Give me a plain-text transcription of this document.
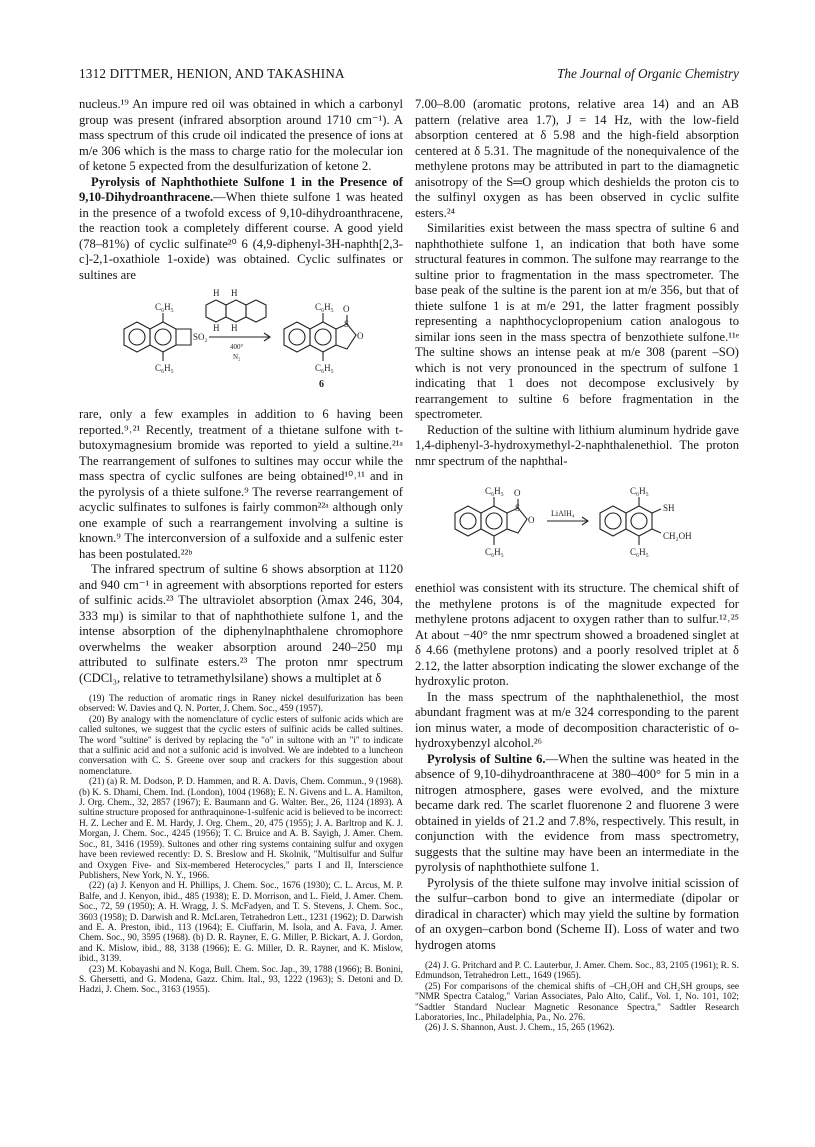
1312 DITTMER, HENION, AND TAKASHINA	The Journal of Organic Chemistry

nucleus.¹⁹ An impure red oil was obtained in which a carbonyl group was present (infrared absorption around 1710 cm⁻¹). A mass spectrum of this crude oil indicated the presence of ions at m/e 306 which is the mass to charge ratio for the molecular ion of ketone 5 expected from the desulfurization of ketone 2.

Pyrolysis of Naphthothiete Sulfone 1 in the Presence of 9,10-Dihydroanthracene.—When thiete sulfone 1 was heated in the presence of a twofold excess of 9,10-dihydroanthracene, the reaction took a completely different course. A good yield (78–81%) of cyclic sulfinate²⁰ 6 (4,9-diphenyl-3H-naphth[2,3-c]-2,1-oxathiole 1-oxide) was obtained. Cyclic sulfinates or sultines are

C₆H₅
C₆H₅
SO₂
H H
H H
400°
N₂
C₆H₅ O
S
O
C₆H₅
6

rare, only a few examples in addition to 6 having been reported.⁹˒²¹ Recently, treatment of a thietane sulfone with t-butoxymagnesium bromide was reported to yield a sultine.²¹ᵃ The rearrangement of sulfones to sultines may occur while the mass spectra of cyclic sulfones are being obtained¹⁰˒¹¹ and in the pyrolysis of a thiete sulfone.⁹ The reverse rearrangement of acyclic sulfinates to sulfones is fairly common²²ᵃ although only one example of such a rearrangement involving a sultine is known.⁹ The interconversion of a sulfoxide and a sulfenic ester has been postulated.²²ᵇ

The infrared spectrum of sultine 6 shows absorption at 1120 and 940 cm⁻¹ in agreement with absorptions reported for esters of sulfinic acids.²³ The ultraviolet absorption (λmax 246, 304, 333 mμ) is similar to that of naphthothiete sulfone 1, and the intense absorption of the diphenylnaphthalene chromophore overwhelms the weaker absorption around 240–250 mμ attributed to sulfinate esters.²³ The proton nmr spectrum (CDCl₃, relative to tetramethylsilane) shows a multiplet at δ

(19) The reduction of aromatic rings in Raney nickel desulfurization has been observed: W. Davies and Q. N. Porter, J. Chem. Soc., 459 (1957).

(20) By analogy with the nomenclature of cyclic esters of sulfonic acids which are called sultones, we suggest that the cyclic esters of sulfinic acids be called sultines. The word "sultine" is derived by replacing the "o" in sultone with an "i" to indicate that a sulfinic acid and not a sulfonic acid is involved. We are indebted to a luncheon conversation with C. S. Greene over soup and crackers for this suggestion about nomenclature.

(21) (a) R. M. Dodson, P. D. Hammen, and R. A. Davis, Chem. Commun., 9 (1968). (b) K. S. Dhami, Chem. Ind. (London), 1004 (1968); E. N. Givens and L. A. Hamilton, J. Org. Chem., 32, 2857 (1967); E. Baumann and G. Walter. Ber., 26, 1124 (1893). A sultine structure proposed for anthraquinone-1-sulfenic acid is believed to be incorrect: H. Z. Lecher and E. M. Hardy, J. Org. Chem., 20, 475 (1955); J. A. Barltrop and K. J. Morgan, J. Chem. Soc., 4245 (1956); T. C. Bruice and A. B. Sayigh, J. Amer. Chem. Soc., 81, 3416 (1959). Sultones and other ring systems containing sulfur and oxygen have been reviewed recently: D. S. Breslow and H. Skolnik, "Multisulfur and Sulfur and Oxygen Five- and Six-membered Heterocycles," parts I and II, Interscience Publishers, New York, N. Y., 1966.

(22) (a) J. Kenyon and H. Phillips, J. Chem. Soc., 1676 (1930); C. L. Arcus, M. P. Balfe, and J. Kenyon, ibid., 485 (1938); E. D. Morrison, and L. Field, J. Amer. Chem. Soc., 72, 59 (1950); A. H. Wragg, J. S. McFadyen, and T. S. Stevens, J. Chem. Soc., 3603 (1958); D. Darwish and R. McLaren, Tetrahedron Lett., 1231 (1962); D. Darwish and E. A. Preston, ibid., 113 (1964); E. Ciuffarin, M. Isola, and A. Fava, J. Amer. Chem. Soc., 90, 3595 (1968). (b) D. R. Rayner, E. G. Miller, P. Bickart, A. J. Gordon, and K. Mislow, ibid., 88, 3138 (1966); E. G. Miller, D. R. Rayner, and K. Mislow, ibid., 3139.

(23) M. Kobayashi and N. Koga, Bull. Chem. Soc. Jap., 39, 1788 (1966); B. Bonini, S. Ghersetti, and G. Modena, Gazz. Chim. Ital., 93, 1222 (1963); S. Detoni and D. Hadzi, J. Chem. Soc., 3163 (1955).

7.00–8.00 (aromatic protons, relative area 14) and an AB pattern (relative area 1.7), J = 14 Hz, with the low-field absorption centered at δ 5.98 and the high-field absorption centered at δ 5.31. The magnitude of the nonequivalence of the methylene protons may be attributed in part to the diamagnetic anisotropy of the S═O group which deshields the proton cis to the sulfinyl oxygen as has been observed in cyclic sulfite esters.²⁴

Similarities exist between the mass spectra of sultine 6 and naphthothiete sulfone 1, an indication that both have some structural features in common. The sulfone may rearrange to the sultine prior to fragmentation in the mass spectrometer. The base peak of the sultine is the parent ion at m/e 356, but that of thiete sulfone 1 is at m/e 291, the latter fragment possibly representing a naphthocyclopropenium cation analogous to similar ions seen in the mass spectra of benzothiete sulfone.¹¹ᵉ The sultine shows an intense peak at m/e 308 (parent –SO) which is not very pronounced in the spectrum of sulfone 1 indicating that 1 does not decompose exclusively by rearrangement to sultine 6 before fragmentation in the spectrometer.

Reduction of the sultine with lithium aluminum hydride gave 1,4-diphenyl-3-hydroxymethyl-2-naphthalenethiol. The proton nmr spectrum of the naphthal-

C₆H₅ O
S
O
C₆H₅
LiAlH₄
C₆H₅
SH
CH₂OH
C₆H₅

enethiol was consistent with its structure. The chemical shift of the methylene protons is of the magnitude expected for methylene protons adjacent to oxygen rather than to sulfur.¹²˒²⁵ At about −40° the nmr spectrum showed a broadened singlet at δ 4.66 (methylene protons) and a poorly resolved triplet at δ 2.12, the latter absorption indicating the slower exchange of the hydroxylic proton.

In the mass spectrum of the naphthalenethiol, the most abundant fragment was at m/e 324 corresponding to the parent ion minus water, a mode of decomposition characteristic of o-hydroxybenzyl alcohol.²⁶

Pyrolysis of Sultine 6.—When the sultine was heated in the absence of 9,10-dihydroanthracene at 380–400° for 5 min in a nitrogen atmosphere, gases were evolved, and the mixture became dark red. The scarlet fluorenone 2 and fluorene 3 were obtained in yields of 21.2 and 7.8%, respectively. This result, in conjunction with the evidence from mass spectrometry, suggests that the sultine may have been an intermediate in the pyrolysis of naphthothiete sulfone 1.

Pyrolysis of the thiete sulfone may involve initial scission of the sulfur–carbon bond to give an intermediate (dipolar or diradical in character) which may yield the sultine by formation of an oxygen–carbon bond (Scheme II). Loss of water and two hydrogen atoms

(24) J. G. Pritchard and P. C. Lauterbur, J. Amer. Chem. Soc., 83, 2105 (1961); R. S. Edmundson, Tetrahedron Lett., 1649 (1965).

(25) For comparisons of the chemical shifts of –CH₂OH and CH₂SH groups, see "NMR Spectra Catalog," Varian Associates, Palo Alto, Calif., Vol. 1, No. 101, 102; "Sadtler Standard Nuclear Magnetic Resonance Spectra," Sadtler Research Laboratories, Inc., Philadelphia, Pa., No. 276.

(26) J. S. Shannon, Aust. J. Chem., 15, 265 (1962).
